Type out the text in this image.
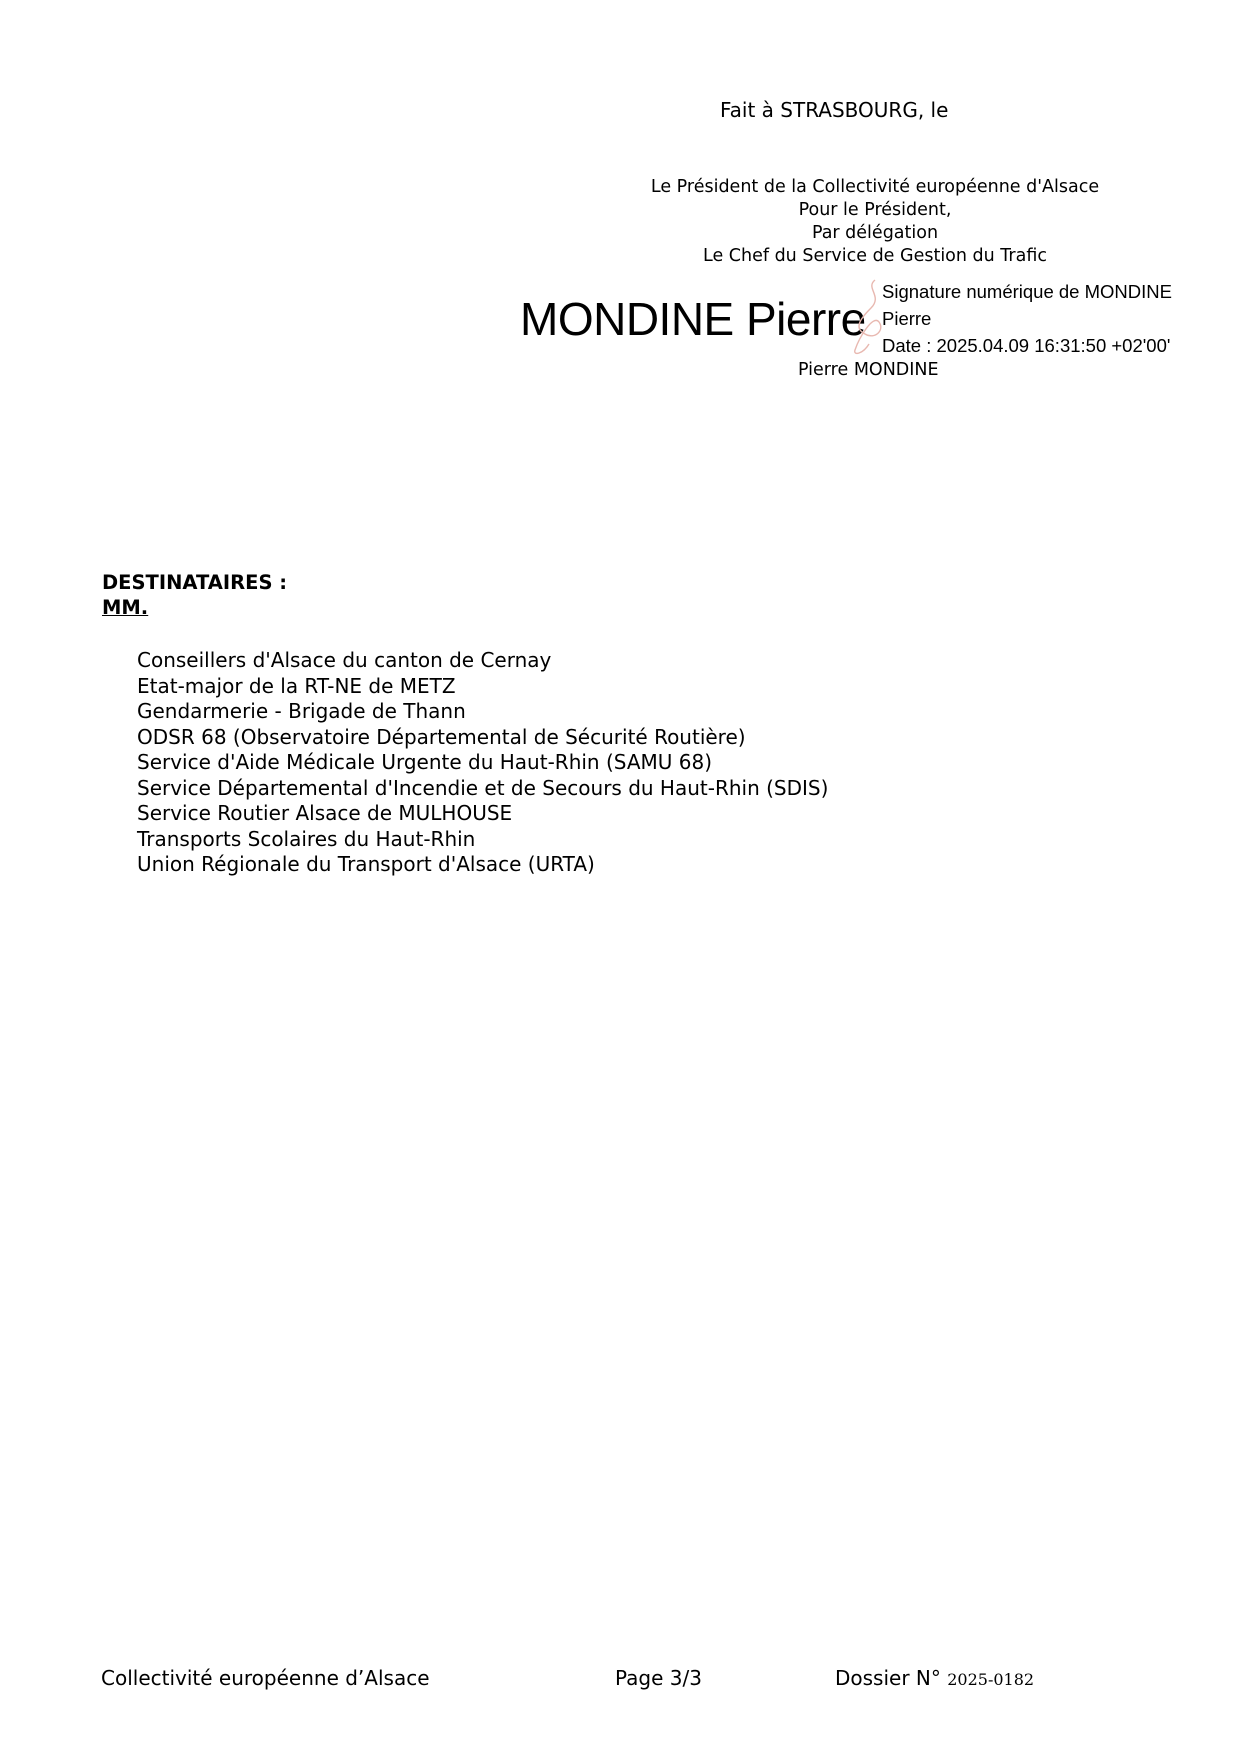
Fait à STRASBOURG, le
Le Président de la Collectivité européenne d'Alsace
Pour le Président,
Par délégation
Le Chef du Service de Gestion du Trafic
MONDINE Pierre
Signature numérique de MONDINE
Pierre
Date : 2025.04.09 16:31:50 +02'00'
Pierre MONDINE
DESTINATAIRES :
MM.
Conseillers d'Alsace du canton de Cernay
Etat-major de la RT-NE de METZ
Gendarmerie - Brigade de Thann
ODSR 68 (Observatoire Départemental de Sécurité Routière)
Service d'Aide Médicale Urgente du Haut-Rhin (SAMU 68)
Service Départemental d'Incendie et de Secours du Haut-Rhin (SDIS)
Service Routier Alsace de MULHOUSE
Transports Scolaires du Haut-Rhin
Union Régionale du Transport d'Alsace (URTA)
Collectivité européenne d’Alsace	Page 3/3	Dossier N° 2025-0182
